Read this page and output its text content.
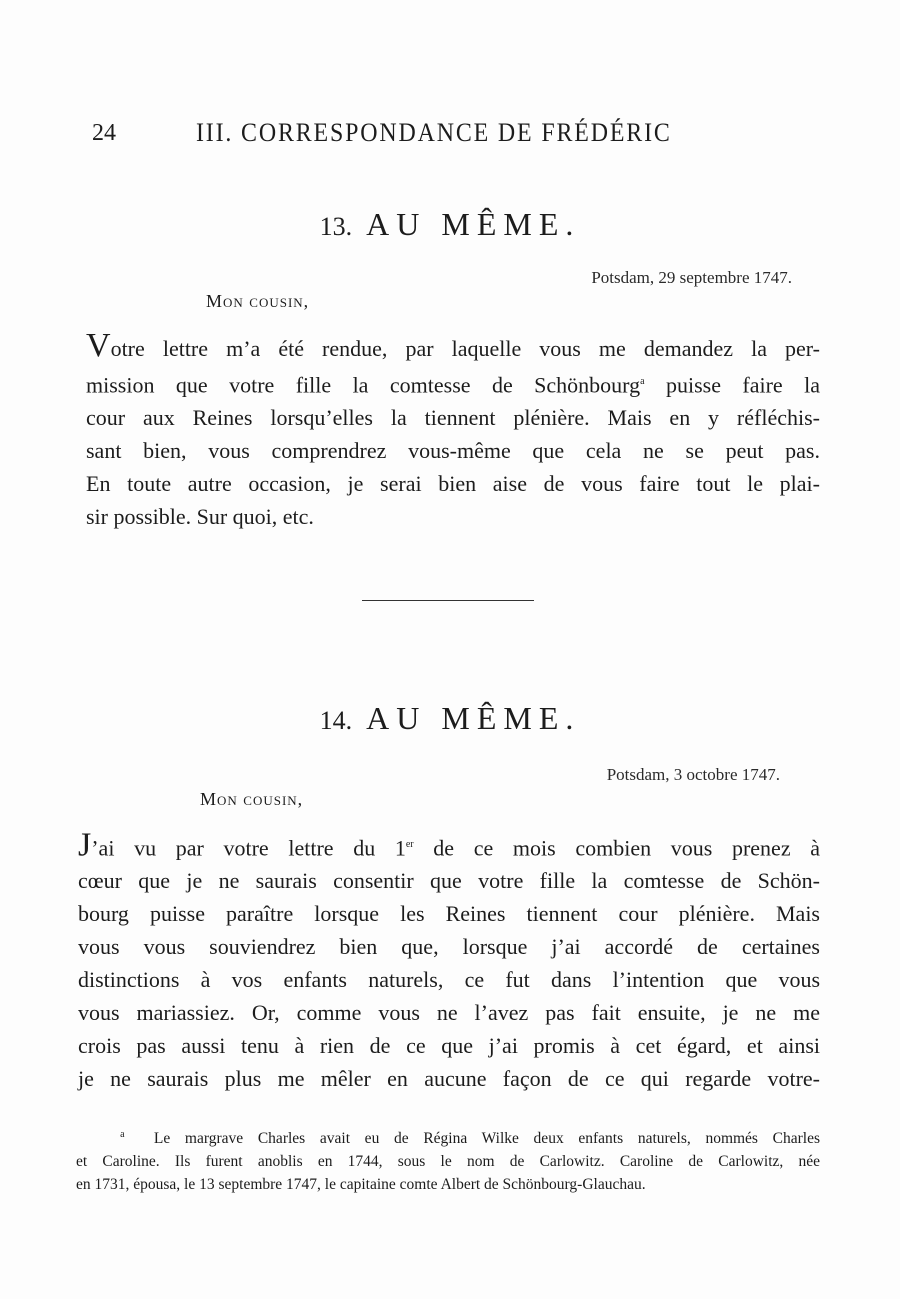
24	III. CORRESPONDANCE DE FRÉDÉRIC
13. AU MÊME.
Potsdam, 29 septembre 1747.
Mon cousin,
Votre lettre m’a été rendue, par laquelle vous me demandez la per-
mission que votre fille la comtesse de Schönbourg$^a$ puisse faire la
cour aux Reines lorsqu’elles la tiennent plénière. Mais en y réfléchis-
sant bien, vous comprendrez vous-même que cela ne se peut pas.
En toute autre occasion, je serai bien aise de vous faire tout le plai-
sir possible. Sur quoi, etc.
14. AU MÊME.
Potsdam, 3 octobre 1747.
Mon cousin,
J’ai vu par votre lettre du 1er de ce mois combien vous prenez à
cœur que je ne saurais consentir que votre fille la comtesse de Schön-
bourg puisse paraître lorsque les Reines tiennent cour plénière. Mais
vous vous souviendrez bien que, lorsque j’ai accordé de certaines
distinctions à vos enfants naturels, ce fut dans l’intention que vous
vous mariassiez. Or, comme vous ne l’avez pas fait ensuite, je ne me
crois pas aussi tenu à rien de ce que j’ai promis à cet égard, et ainsi
je ne saurais plus me mêler en aucune façon de ce qui regarde votre-
$^a$ Le margrave Charles avait eu de Régina Wilke deux enfants naturels, nommés Charles
et Caroline. Ils furent anoblis en 1744, sous le nom de Carlowitz. Caroline de Carlowitz, née
en 1731, épousa, le 13 septembre 1747, le capitaine comte Albert de Schönbourg-Glauchau.
